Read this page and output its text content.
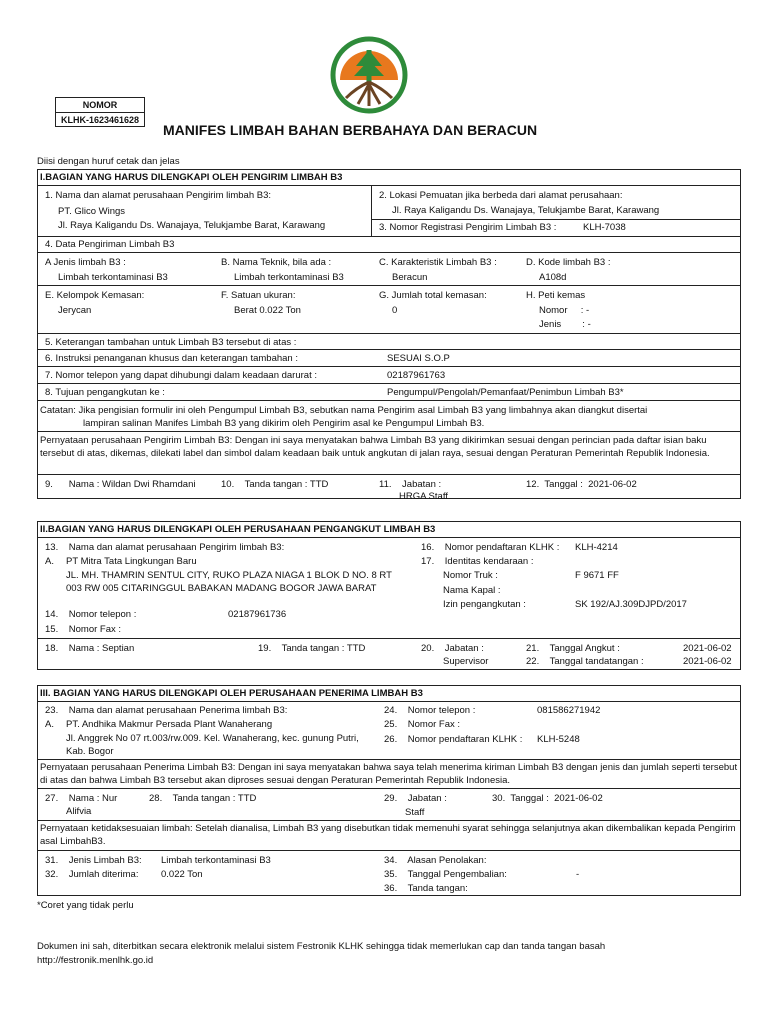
NOMOR
KLHK-1623461628
MANIFES LIMBAH BAHAN BERBAHAYA DAN BERACUN
Diisi dengan huruf cetak dan jelas
I.BAGIAN YANG HARUS DILENGKAPI OLEH PENGIRIM LIMBAH B3
1. Nama dan alamat perusahaan Pengirim limbah B3:
PT. Glico Wings
Jl. Raya Kaligandu Ds. Wanajaya, Telukjambe Barat, Karawang
2. Lokasi Pemuatan jika berbeda dari alamat perusahaan:
Jl. Raya Kaligandu Ds. Wanajaya, Telukjambe Barat, Karawang
3. Nomor Registrasi Pengirim Limbah B3 :	KLH-7038
4. Data Pengiriman Limbah B3
A Jenis limbah B3 :
Limbah terkontaminasi B3
B. Nama Teknik, bila ada :
Limbah terkontaminasi B3
C. Karakteristik Limbah B3 :
Beracun
D. Kode limbah B3 :
A108d
E. Kelompok Kemasan:
Jerycan
F. Satuan ukuran:
Berat 0.022 Ton
G. Jumlah total kemasan:
0
H. Peti kemas
Nomor     : -
Jenis        : -
5. Keterangan tambahan untuk Limbah B3 tersebut di atas :
6. Instruksi penanganan khusus dan keterangan tambahan :	SESUAI S.O.P
7. Nomor telepon yang dapat dihubungi dalam keadaan darurat :	02187961763
8. Tujuan pengangkutan ke :	Pengumpul/Pengolah/Pemanfaat/Penimbun Limbah B3*
Catatan: Jika pengisian formulir ini oleh Pengumpul Limbah B3, sebutkan nama Pengirim asal Limbah B3 yang limbahnya akan diangkut disertai
lampiran salinan Manifes Limbah B3 yang dikirim oleh Pengirim asal ke Pengumpul Limbah B3.
Pernyataan perusahaan Pengirim Limbah B3: Dengan ini saya menyatakan bahwa Limbah B3 yang dikirimkan sesuai dengan perincian pada daftar isian baku tersebut di atas, dikemas, dilekati label dan simbol dalam keadaan baik untuk angkutan di jalan raya, sesuai dengan Peraturan Pemerintah Republik Indonesia.
9.      Nama : Wildan Dwi Rhamdani	10.    Tanda tangan : TTD	11.    Jabatan :
HRGA Staff
12.  Tanggal :  2021-06-02
II.BAGIAN YANG HARUS DILENGKAPI OLEH PERUSAHAAN PENGANGKUT LIMBAH B3
13.    Nama dan alamat perusahaan Pengirim limbah B3:
A. PT Mitra Tata Lingkungan Baru
JL. MH. THAMRIN SENTUL CITY, RUKO PLAZA NIAGA 1 BLOK D NO. 8 RT 003 RW 005 CITARINGGUL BABAKAN MADANG BOGOR JAWA BARAT
14.    Nomor telepon :	02187961736
15.    Nomor Fax :
16.    Nomor pendaftaran KLHK : KLH-4214
17.    Identitas kendaraan :
Nomor Truk :	F 9671 FF
Nama Kapal :
Izin pengangkutan :	SK 192/AJ.309DJPD/2017
18.    Nama : Septian	19.    Tanda tangan : TTD	20.    Jabatan :
Supervisor
21.    Tanggal Angkut :	2021-06-02
22.    Tanggal tandatangan :	2021-06-02
III. BAGIAN YANG HARUS DILENGKAPI OLEH PERUSAHAAN PENERIMA LIMBAH B3
23.    Nama dan alamat perusahaan Penerima limbah B3:
A. PT. Andhika Makmur Persada Plant Wanaherang
Jl. Anggrek No 07 rt.003/rw.009. Kel. Wanaherang, kec. gunung Putri, Kab. Bogor
24.    Nomor telepon :	081586271942
25.    Nomor Fax :
26.    Nomor pendaftaran KLHK : KLH-5248
Pernyataan perusahaan Penerima Limbah B3: Dengan ini saya menyatakan bahwa saya telah menerima kiriman Limbah B3 dengan jenis dan jumlah seperti tersebut di atas dan bahwa Limbah B3 tersebut akan diproses sesuai dengan Peraturan Pemerintah Republik Indonesia.
27.    Nama : Nur
Alifvia
28.    Tanda tangan : TTD	29.    Jabatan :
Staff
30.  Tanggal :  2021-06-02
Pernyataan ketidaksesuaian limbah: Setelah dianalisa, Limbah B3 yang disebutkan tidak memenuhi syarat sehingga selanjutnya akan dikembalikan kepada Pengirim asal LimbahB3.
31.    Jenis Limbah B3: Limbah terkontaminasi B3
32.    Jumlah diterima: 0.022 Ton
34.    Alasan Penolakan:
35.    Tanggal Pengembalian:	-
36.    Tanda tangan:
*Coret yang tidak perlu
Dokumen ini sah, diterbitkan secara elektronik melalui sistem Festronik KLHK sehingga tidak memerlukan cap dan tanda tangan basah
http://festronik.menlhk.go.id
